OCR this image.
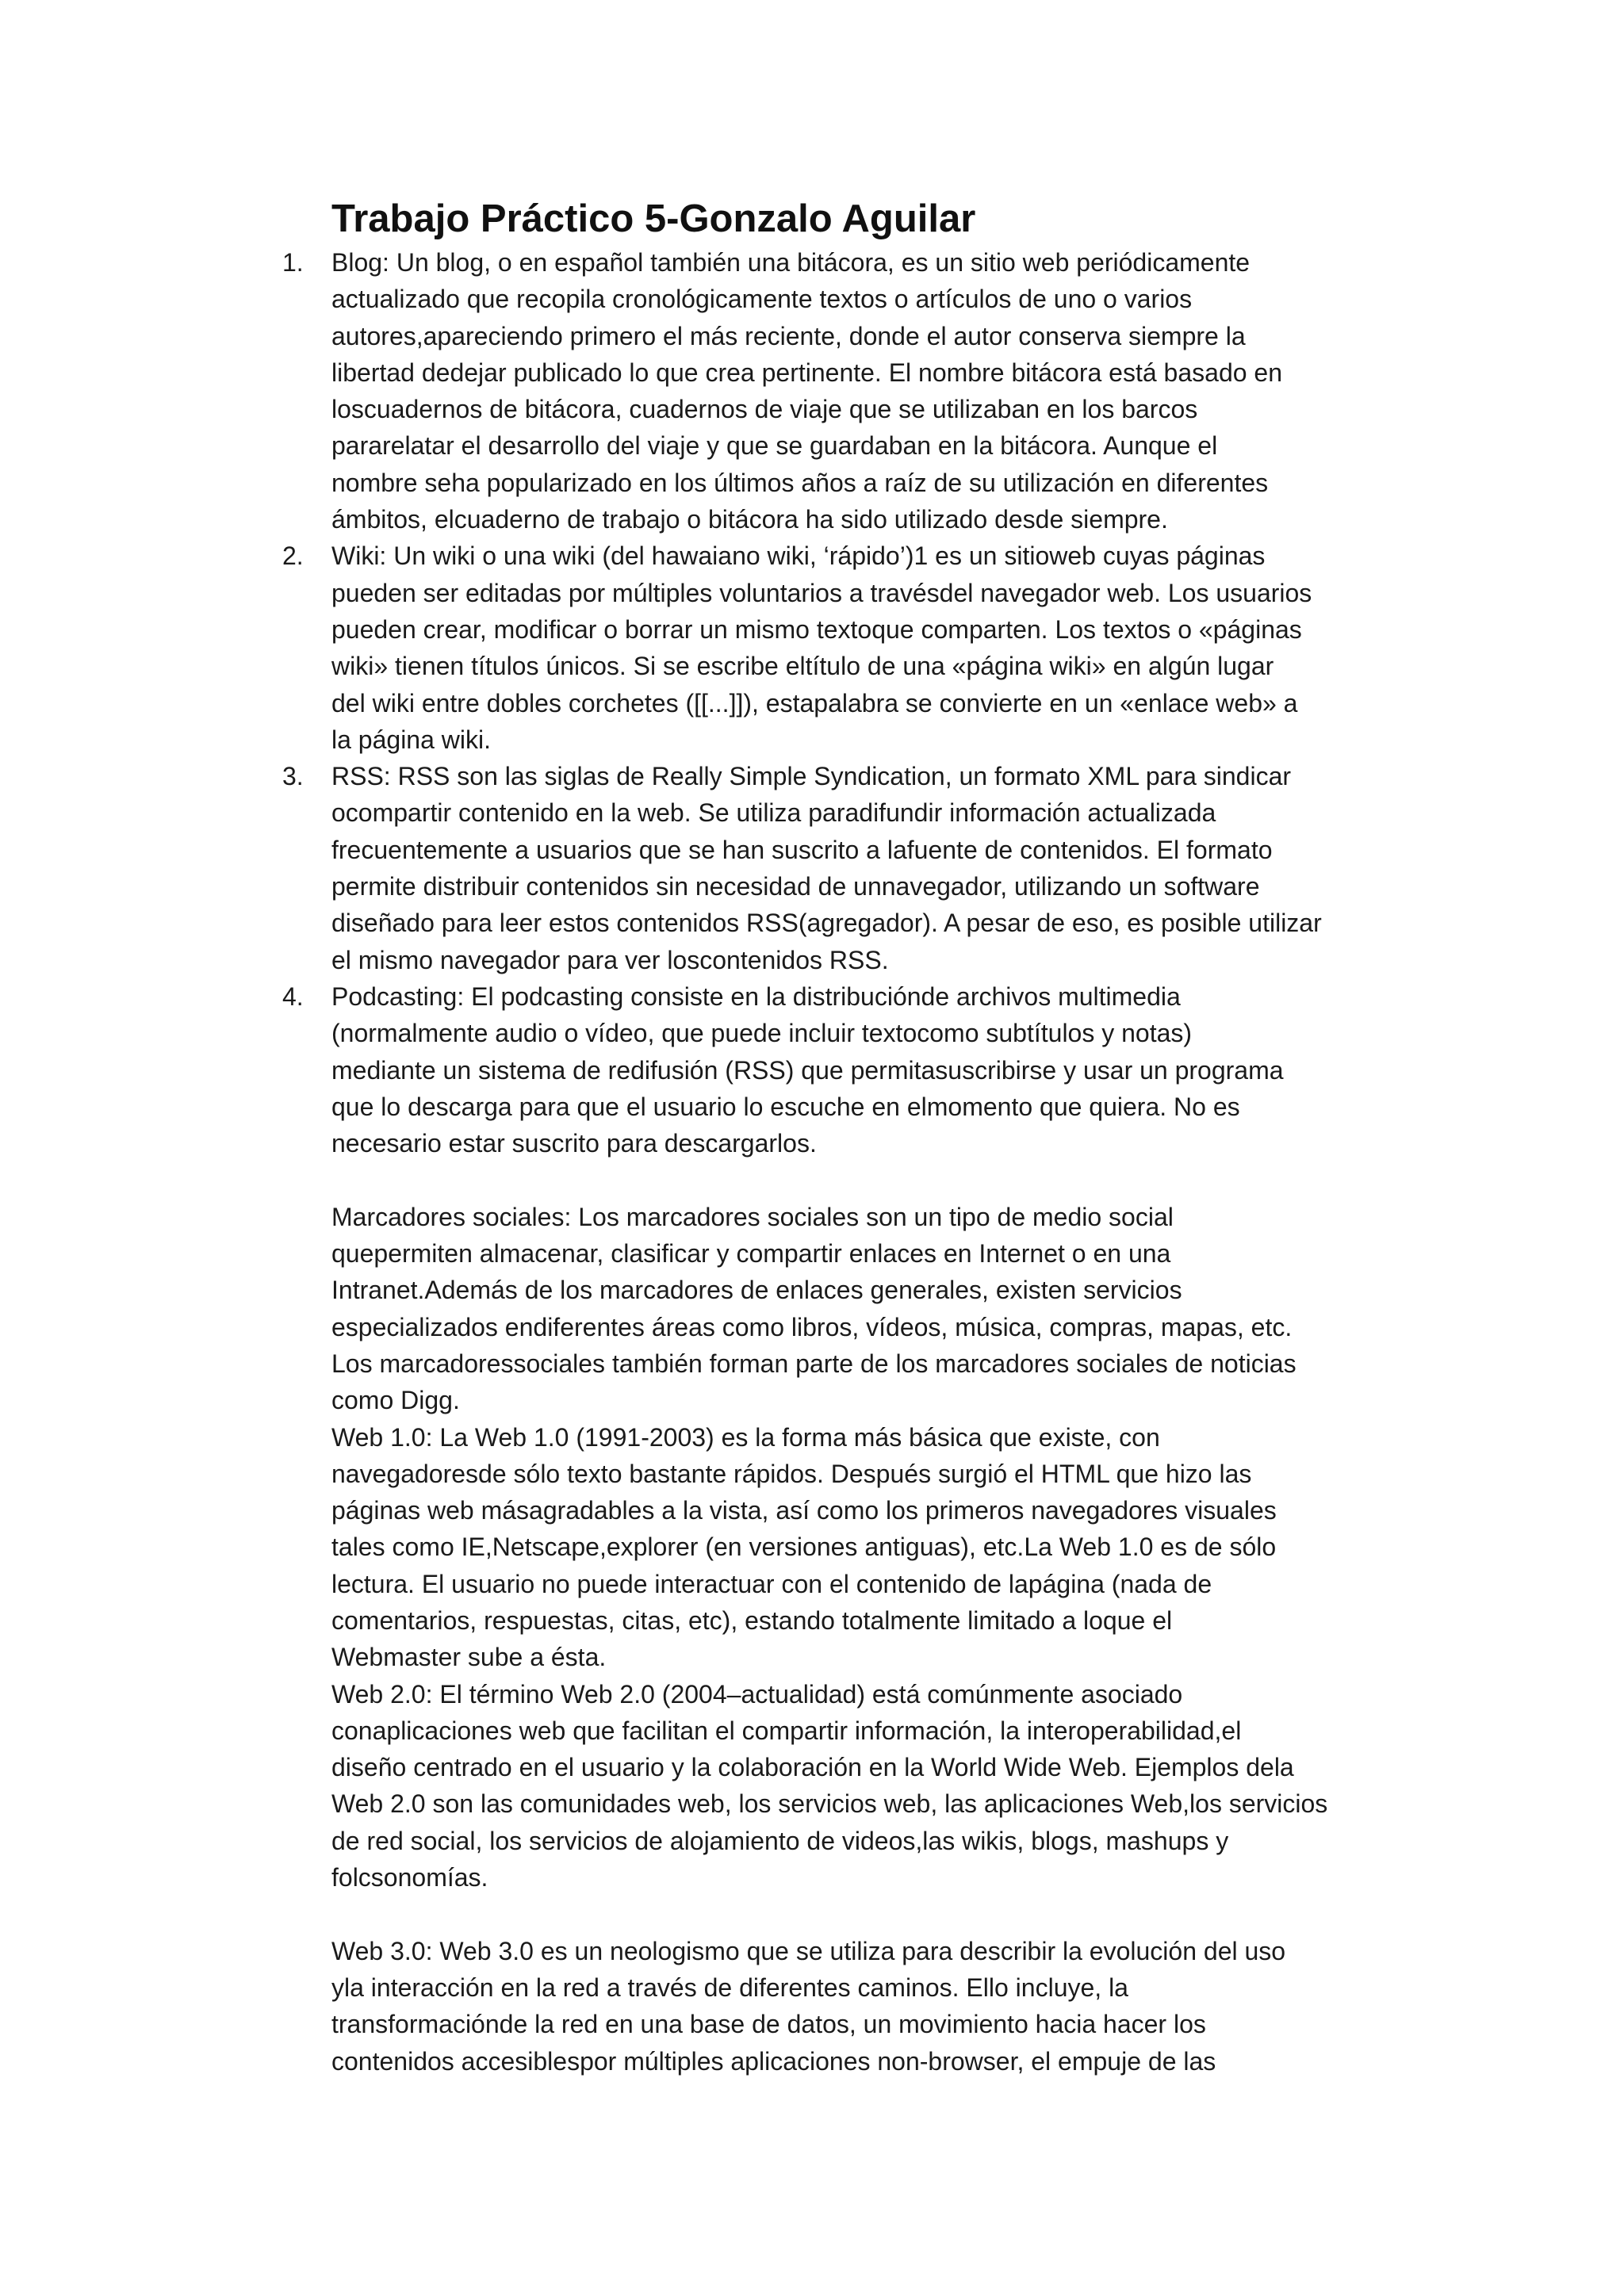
Trabajo Práctico 5-Gonzalo Aguilar
1.	Blog: Un blog, o en español también una bitácora, es un sitio web periódicamente
actualizado que recopila cronológicamente textos o artículos de uno o varios
autores,apareciendo primero el más reciente, donde el autor conserva siempre la
libertad dedejar publicado lo que crea pertinente. El nombre bitácora está basado en
loscuadernos de bitácora, cuadernos de viaje que se utilizaban en los barcos
pararelatar el desarrollo del viaje y que se guardaban en la bitácora. Aunque el
nombre seha popularizado en los últimos años a raíz de su utilización en diferentes
ámbitos, elcuaderno de trabajo o bitácora ha sido utilizado desde siempre.
2.	Wiki: Un wiki o una wiki (del hawaiano wiki, ‘rápido’)1 es un sitioweb cuyas páginas
pueden ser editadas por múltiples voluntarios a travésdel navegador web. Los usuarios
pueden crear, modificar o borrar un mismo textoque comparten. Los textos o «páginas
wiki» tienen títulos únicos. Si se escribe eltítulo de una «página wiki» en algún lugar
del wiki entre dobles corchetes ([[...]]), estapalabra se convierte en un «enlace web» a
la página wiki.
3.	RSS: RSS son las siglas de Really Simple Syndication, un formato XML para sindicar
ocompartir contenido en la web. Se utiliza paradifundir información actualizada
frecuentemente a usuarios que se han suscrito a lafuente de contenidos. El formato
permite distribuir contenidos sin necesidad de unnavegador, utilizando un software
diseñado para leer estos contenidos RSS(agregador). A pesar de eso, es posible utilizar
el mismo navegador para ver loscontenidos RSS.
4.	Podcasting: El podcasting consiste en la distribuciónde archivos multimedia
(normalmente audio o vídeo, que puede incluir textocomo subtítulos y notas)
mediante un sistema de redifusión (RSS) que permitasuscribirse y usar un programa
que lo descarga para que el usuario lo escuche en elmomento que quiera. No es
necesario estar suscrito para descargarlos.
Marcadores sociales: Los marcadores sociales son un tipo de medio social
quepermiten almacenar, clasificar y compartir enlaces en Internet o en una
Intranet.Además de los marcadores de enlaces generales, existen servicios
especializados endiferentes áreas como libros, vídeos, música, compras, mapas, etc.
Los marcadoressociales también forman parte de los marcadores sociales de noticias
como Digg.
Web 1.0: La Web 1.0 (1991-2003) es la forma más básica que existe, con
navegadoresde sólo texto bastante rápidos. Después surgió el HTML que hizo las
páginas web másagradables a la vista, así como los primeros navegadores visuales
tales como IE,Netscape,explorer (en versiones antiguas), etc.La Web 1.0 es de sólo
lectura. El usuario no puede interactuar con el contenido de lapágina (nada de
comentarios, respuestas, citas, etc), estando totalmente limitado a loque el
Webmaster sube a ésta.
Web 2.0: El término Web 2.0 (2004–actualidad) está comúnmente asociado
conaplicaciones web que facilitan el compartir información, la interoperabilidad,el
diseño centrado en el usuario y la colaboración en la World Wide Web. Ejemplos dela
Web 2.0 son las comunidades web, los servicios web, las aplicaciones Web,los servicios
de red social, los servicios de alojamiento de videos,las wikis, blogs, mashups y
folcsonomías.
Web 3.0: Web 3.0 es un neologismo que se utiliza para describir la evolución del uso
yla interacción en la red a través de diferentes caminos. Ello incluye, la
transformaciónde la red en una base de datos, un movimiento hacia hacer los
contenidos accesiblespor múltiples aplicaciones non-browser, el empuje de las
